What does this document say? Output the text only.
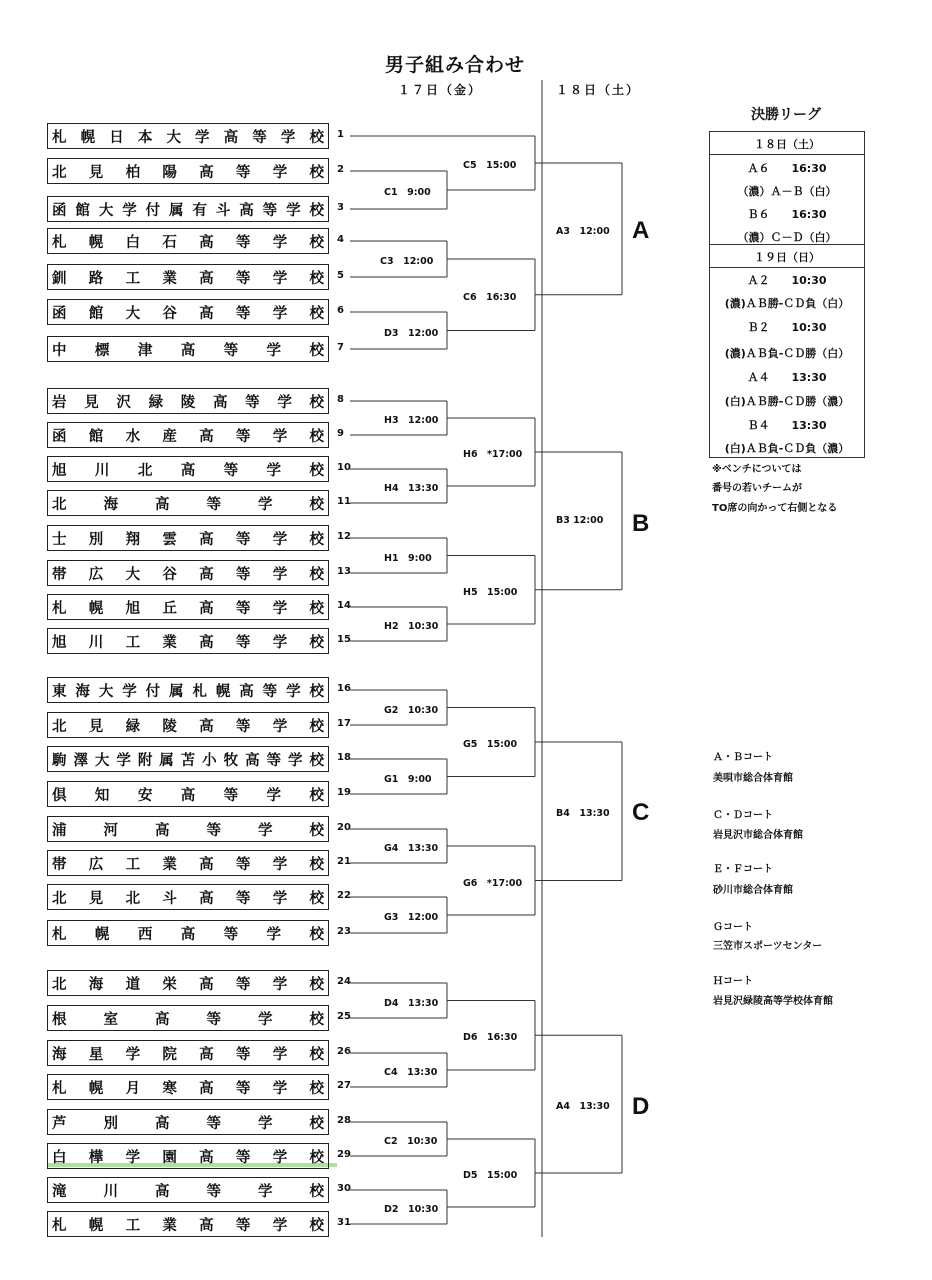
男子組み合わせ
１７日（金）	１８日（土）
札 幌 日 本 大 学 高 等 学 校 1
北 見 柏 陽 高 等 学 校 2
函 館 大 学 付 属 有 斗 高 等 学 校 3
札 幌 白 石 高 等 学 校 4
釧 路 工 業 高 等 学 校 5
函 館 大 谷 高 等 学 校 6
中 標 津 高 等 学 校 7
岩 見 沢 緑 陵 高 等 学 校 8
函 館 水 産 高 等 学 校 9
旭 川 北 高 等 学 校 10
北	海	高	等	学	校 11
士 別 翔 雲 高 等 学 校 12
帯 広 大 谷 高 等 学 校 13
札 幌 旭 丘 高 等 学 校 14
旭 川 工 業 高 等 学 校 15
東 海 大 学 付 属 札 幌 高 等 学 校 16
北 見 緑 陵 高 等 学 校 17
駒 澤 大 学 附 属 苫 小 牧 高 等 学 校 18
倶 知 安 高 等 学 校 19
浦	河	高	等	学	校 20
帯 広 工 業 高 等 学 校 21
北 見 北 斗 高 等 学 校 22
札 幌 西 高 等 学 校 23
北 海 道 栄 高 等 学 校 24
根	室	高	等	学	校 25
海 星 学 院 高 等 学 校 26
札 幌 月 寒 高 等 学 校 27
芦	別	高	等	学	校 28
白 樺 学 園 高 等 学 校 29
滝	川	高	等	学	校 30
札 幌 工 業 高 等 学 校 31
C1　9:00
C5　15:00
C3　12:00
D3　12:00
C6　16:30
A3　12:00
H3　12:00
H4　13:30
H6　*17:00
H1　9:00
H2　10:30
H5　15:00
B3 12:00
G2　10:30
G1　9:00
G5　15:00
G4　13:30
G3　12:00
G6　*17:00
B4　13:30
D4　13:30
C4　13:30
D6　16:30
C2　10:30
D2　10:30
D5　15:00
A4　13:30
A
B
C
D
決勝リーグ
１８日（土）
Ａ６　　16:30
（濃）Ａ－Ｂ（白）
Ｂ６　　16:30
（濃）Ｃ－Ｄ（白）
１９日（日）
Ａ２　　10:30
(濃)ＡＢ勝-ＣＤ負（白）
Ｂ２　　10:30
(濃)ＡＢ負-ＣＤ勝（白）
Ａ４　　13:30
(白)ＡＢ勝-ＣＤ勝（濃）
Ｂ４　　13:30
(白)ＡＢ負-ＣＤ負（濃）
※ベンチについては
番号の若いチームが
TO席の向かって右側となる
Ａ・Ｂコート
美唄市総合体育館
Ｃ・Ｄコート
岩見沢市総合体育館
Ｅ・Ｆコート
砂川市総合体育館
Ｇコート
三笠市スポーツセンター
Ｈコート
岩見沢緑陵高等学校体育館
